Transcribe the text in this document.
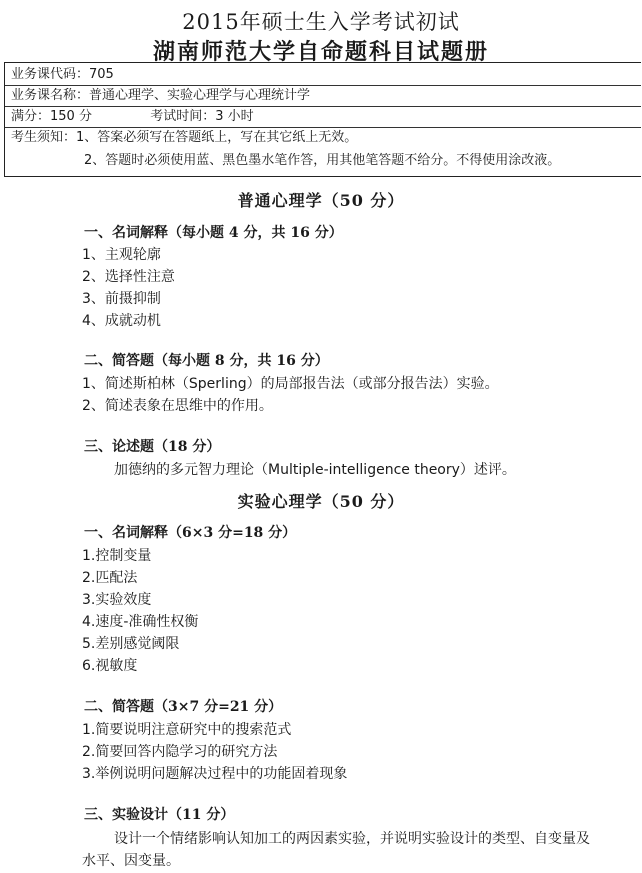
2015年硕士生入学考试初试
湖南师范大学自命题科目试题册
业务课代码：705
业务课名称：普通心理学、实验心理学与心理统计学
满分：150 分	考试时间：3 小时
考生须知：1、答案必须写在答题纸上，写在其它纸上无效。
2、答题时必须使用蓝、黑色墨水笔作答，用其他笔答题不给分。不得使用涂改液。
普通心理学（50 分）
一、名词解释（每小题 4 分，共 16 分）
1、主观轮廓
2、选择性注意
3、前摄抑制
4、成就动机
二、简答题（每小题 8 分，共 16 分）
1、简述斯柏林（Sperling）的局部报告法（或部分报告法）实验。
2、简述表象在思维中的作用。
三、论述题（18 分）
加德纳的多元智力理论（Multiple-intelligence theory）述评。
实验心理学（50 分）
一、名词解释（6×3 分=18 分）
1.控制变量
2.匹配法
3.实验效度
4.速度-准确性权衡
5.差别感觉阈限
6.视敏度
二、简答题（3×7 分=21 分）
1.简要说明注意研究中的搜索范式
2.简要回答内隐学习的研究方法
3.举例说明问题解决过程中的功能固着现象
三、实验设计（11 分）
设计一个情绪影响认知加工的两因素实验，并说明实验设计的类型、自变量及
水平、因变量。
